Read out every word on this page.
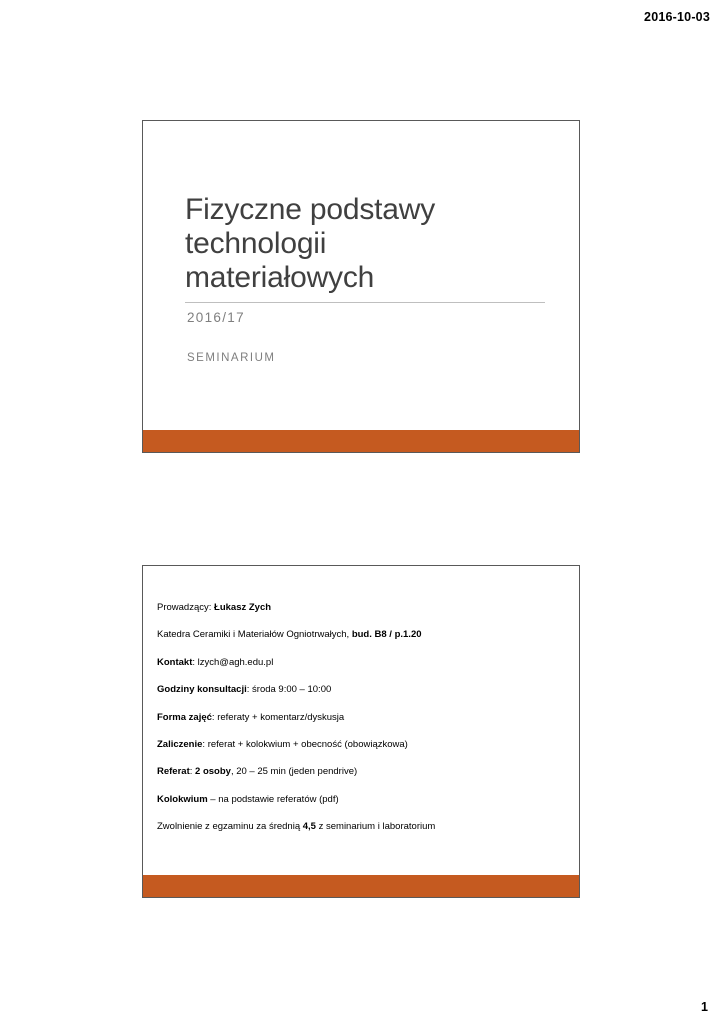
2016-10-03
Fizyczne podstawy
technologii
materiałowych
2016/17
SEMINARIUM
Prowadzący: Łukasz Zych
Katedra Ceramiki i Materiałów Ogniotrwałych, bud. B8 / p.1.20
Kontakt: lzych@agh.edu.pl
Godziny konsultacji: środa 9:00 – 10:00
Forma zajęć: referaty + komentarz/dyskusja
Zaliczenie: referat + kolokwium + obecność (obowiązkowa)
Referat: 2 osoby, 20 – 25 min (jeden pendrive)
Kolokwium – na podstawie referatów (pdf)
Zwolnienie z egzaminu za średnią 4,5 z seminarium i laboratorium
1
